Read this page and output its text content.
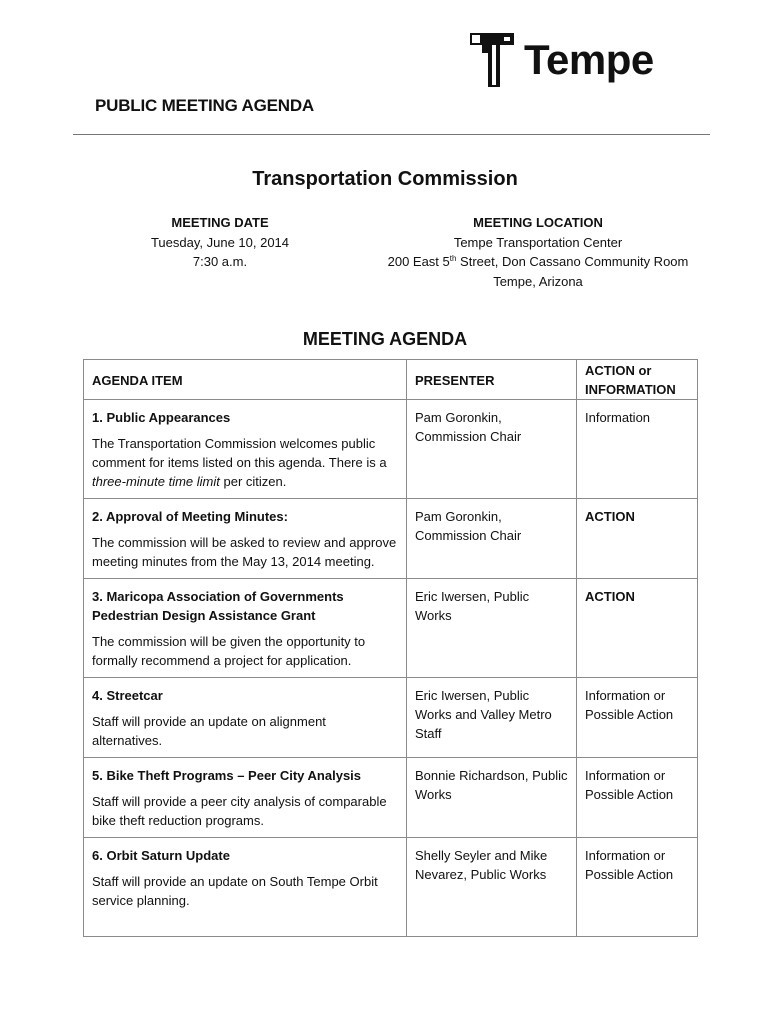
Tempe
PUBLIC MEETING AGENDA
Transportation Commission
MEETING DATE
Tuesday, June 10, 2014
7:30 a.m.
MEETING LOCATION
Tempe Transportation Center
200 East 5th Street, Don Cassano Community Room
Tempe, Arizona
MEETING AGENDA
AGENDA ITEM	PRESENTER	ACTION or
INFORMATION

1. Public Appearances
The Transportation Commission welcomes public comment for items listed on this agenda. There is a three-minute time limit per citizen.	Pam Goronkin, Commission Chair	Information

2. Approval of Meeting Minutes:
The commission will be asked to review and approve meeting minutes from the May 13, 2014 meeting.	Pam Goronkin, Commission Chair	ACTION

3. Maricopa Association of Governments Pedestrian Design Assistance Grant
The commission will be given the opportunity to formally recommend a project for application.	Eric Iwersen, Public Works	ACTION

4. Streetcar
Staff will provide an update on alignment alternatives.	Eric Iwersen, Public Works and Valley Metro Staff	Information or Possible Action

5. Bike Theft Programs – Peer City Analysis
Staff will provide a peer city analysis of comparable bike theft reduction programs.	Bonnie Richardson, Public Works	Information or Possible Action

6. Orbit Saturn Update
Staff will provide an update on South Tempe Orbit service planning.	Shelly Seyler and Mike Nevarez, Public Works	Information or Possible Action
